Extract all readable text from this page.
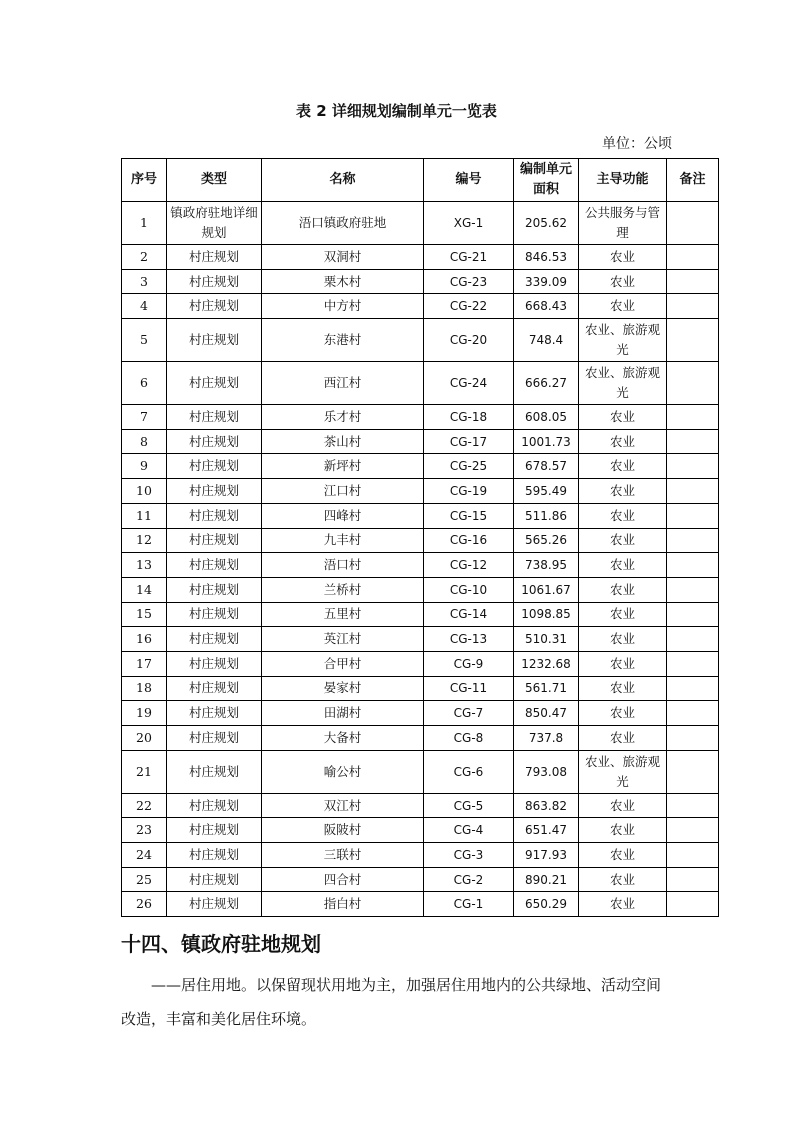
表 2 详细规划编制单元一览表
单位：公顷
序号	类型	名称	编号	编制单元面积	主导功能	备注
1	镇政府驻地详细规划	浯口镇政府驻地	XG-1	205.62	公共服务与管理	
2	村庄规划	双洞村	CG-21	846.53	农业	
3	村庄规划	栗木村	CG-23	339.09	农业	
4	村庄规划	中方村	CG-22	668.43	农业	
5	村庄规划	东港村	CG-20	748.4	农业、旅游观光	
6	村庄规划	西江村	CG-24	666.27	农业、旅游观光	
7	村庄规划	乐才村	CG-18	608.05	农业	
8	村庄规划	茶山村	CG-17	1001.73	农业	
9	村庄规划	新坪村	CG-25	678.57	农业	
10	村庄规划	江口村	CG-19	595.49	农业	
11	村庄规划	四峰村	CG-15	511.86	农业	
12	村庄规划	九丰村	CG-16	565.26	农业	
13	村庄规划	浯口村	CG-12	738.95	农业	
14	村庄规划	兰桥村	CG-10	1061.67	农业	
15	村庄规划	五里村	CG-14	1098.85	农业	
16	村庄规划	英江村	CG-13	510.31	农业	
17	村庄规划	合甲村	CG-9	1232.68	农业	
18	村庄规划	晏家村	CG-11	561.71	农业	
19	村庄规划	田湖村	CG-7	850.47	农业	
20	村庄规划	大备村	CG-8	737.8	农业	
21	村庄规划	喻公村	CG-6	793.08	农业、旅游观光	
22	村庄规划	双江村	CG-5	863.82	农业	
23	村庄规划	阪陂村	CG-4	651.47	农业	
24	村庄规划	三联村	CG-3	917.93	农业	
25	村庄规划	四合村	CG-2	890.21	农业	
26	村庄规划	指白村	CG-1	650.29	农业	
十四、镇政府驻地规划
——居住用地。以保留现状用地为主，加强居住用地内的公共绿地、活动空间改造，丰富和美化居住环境。
